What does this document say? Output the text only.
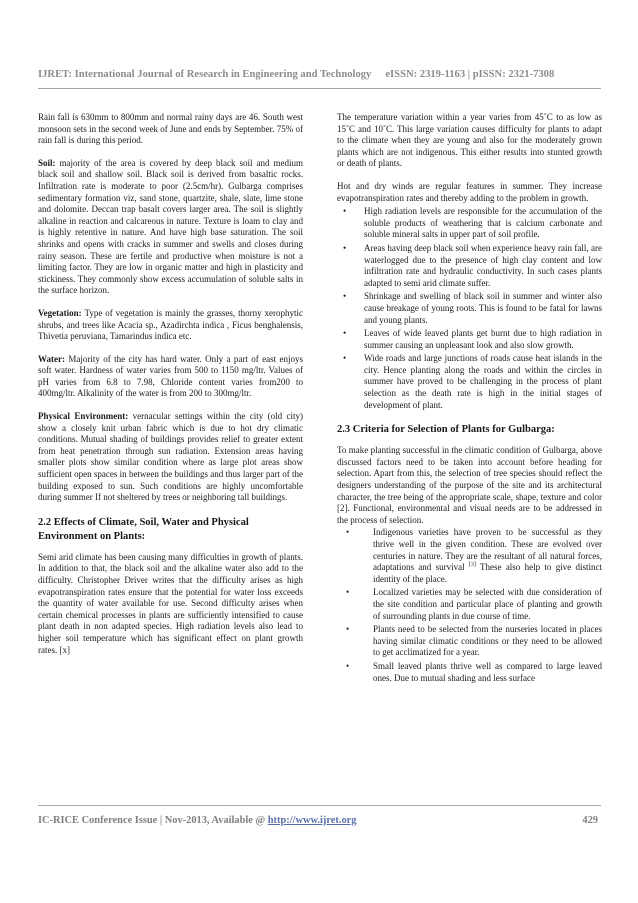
IJRET: International Journal of Research in Engineering and Technology eISSN: 2319-1163 | pISSN: 2321-7308

Rain fall is 630mm to 800mm and normal rainy days are 46. South west monsoon sets in the second week of June and ends by September. 75% of rain fall is during this period.

Soil: majority of the area is covered by deep black soil and medium black soil and shallow soil. Black soil is derived from basaltic rocks. Infiltration rate is moderate to poor (2.5cm/hr). Gulbarga comprises sedimentary formation viz, sand stone, quartzite, shale, slate, lime stone and dolomite. Deccan trap basalt covers larger area. The soil is slightly alkaline in reaction and calcareous in nature. Texture is loam to clay and is highly retentive in nature. And have high base saturation. The soil shrinks and opens with cracks in summer and swells and closes during rainy season. These are fertile and productive when moisture is not a limiting factor. They are low in organic matter and high in plasticity and stickiness. They commonly show excess accumulation of soluble salts in the surface horizon.

Vegetation: Type of vegetation is mainly the grasses, thorny xerophytic shrubs, and trees like Acacia sp., Azadirchta indica , Ficus benghalensis, Thivetia peruviana, Tamarindus indica etc.

Water: Majority of the city has hard water. Only a part of east enjoys soft water. Hardness of water varies from 500 to 1150 mg/ltr. Values of pH varies from 6.8 to 7.98, Chloride content varies from200 to 400mg/ltr. Alkalinity of the water is from 200 to 300mg/ltr.

Physical Environment: vernacular settings within the city (old city) show a closely knit urban fabric which is due to hot dry climatic conditions. Mutual shading of buildings provides relief to greater extent from heat penetration through sun radiation. Extension areas having smaller plots show similar condition where as large plot areas show sufficient open spaces in between the buildings and thus larger part of the building exposed to sun. Such conditions are highly uncomfortable during summer If not sheltered by trees or neighboring tall buildings.

2.2 Effects of Climate, Soil, Water and Physical
Environment on Plants:

Semi arid climate has been causing many difficulties in growth of plants. In addition to that, the black soil and the alkaline water also add to the difficulty. Christopher Driver writes that the difficulty arises as high evapotranspiration rates ensure that the potential for water loss exceeds the quantity of water available for use. Second difficulty arises when certain chemical processes in plants are sufficiently intensified to cause plant death in non adapted species. High radiation levels also lead to higher soil temperature which has significant effect on plant growth rates. [x]

The temperature variation within a year varies from 45˚C to as low as 15˚C and 10˚C. This large variation causes difficulty for plants to adapt to the climate when they are young and also for the moderately grown plants which are not indigenous. This either results into stunted growth or death of plants.

Hot and dry winds are regular features in summer. They increase evapotranspiration rates and thereby adding to the problem in growth.

• High radiation levels are responsible for the accumulation of the soluble products of weathering that is calcium carbonate and soluble mineral salts in upper part of soil profile.
• Areas having deep black soil when experience heavy rain fall, are waterlogged due to the presence of high clay content and low infiltration rate and hydraulic conductivity. In such cases plants adapted to semi arid climate suffer.
• Shrinkage and swelling of black soil in summer and winter also cause breakage of young roots. This is found to be fatal for lawns and young plants.
• Leaves of wide leaved plants get burnt due to high radiation in summer causing an unpleasant look and also slow growth.
• Wide roads and large junctions of roads cause heat islands in the city. Hence planting along the roads and within the circles in summer have proved to be challenging in the process of plant selection as the death rate is high in the initial stages of development of plant.
2.3 Criteria for Selection of Plants for Gulbarga:

To make planting successful in the climatic condition of Gulbarga, above discussed factors need to be taken into account before heading for selection. Apart from this, the selection of tree species should reflect the designers understanding of the purpose of the site and its architectural character, the tree being of the appropriate scale, shape, texture and color [2]. Functional, environmental and visual needs are to be addressed in the process of selection.

•	Indigenous varieties have proven to be successful as they thrive well in the given condition. These are evolved over centuries in nature. They are the resultant of all natural forces, adaptations and survival [3] These also help to give distinct identity of the place.
•	Localized varieties may be selected with due consideration of the site condition and particular place of planting and growth of surrounding plants in due course of time.
•	Plants need to be selected from the nurseries located in places having similar climatic conditions or they need to be allowed to get acclimatized for a year.
•	Small leaved plants thrive well as compared to large leaved ones. Due to mutual shading and less surface
IC-RICE Conference Issue | Nov-2013, Available @ http://www.ijret.org	429
